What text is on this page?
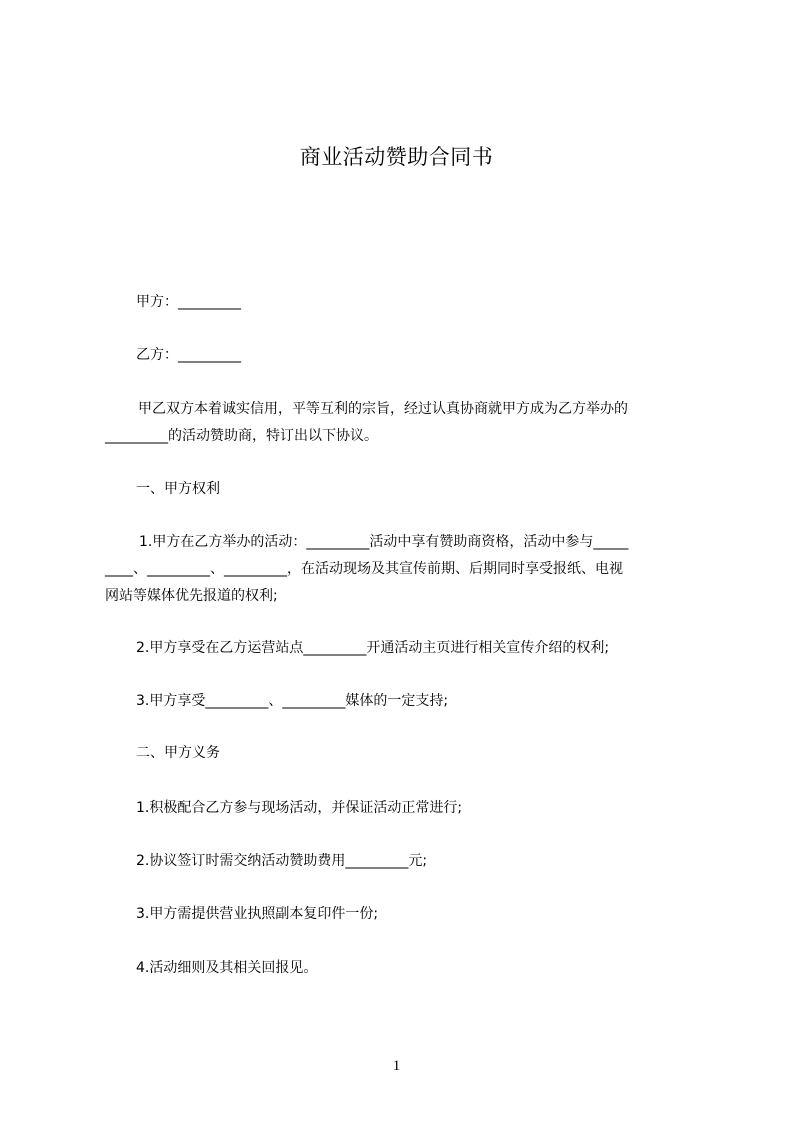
商业活动赞助合同书
甲方：_________
乙方：_________
甲乙双方本着诚实信用，平等互利的宗旨，经过认真协商就甲方成为乙方举办的
_________的活动赞助商，特订出以下协议。
一、甲方权利
1.甲方在乙方举办的活动：_________活动中享有赞助商资格，活动中参与_____
____、_________、_________，在活动现场及其宣传前期、后期同时享受报纸、电视
网站等媒体优先报道的权利;
2.甲方享受在乙方运营站点_________开通活动主页进行相关宣传介绍的权利;
3.甲方享受_________、_________媒体的一定支持;
二、甲方义务
1.积极配合乙方参与现场活动，并保证活动正常进行;
2.协议签订时需交纳活动赞助费用_________元;
3.甲方需提供营业执照副本复印件一份;
4.活动细则及其相关回报见。
1
